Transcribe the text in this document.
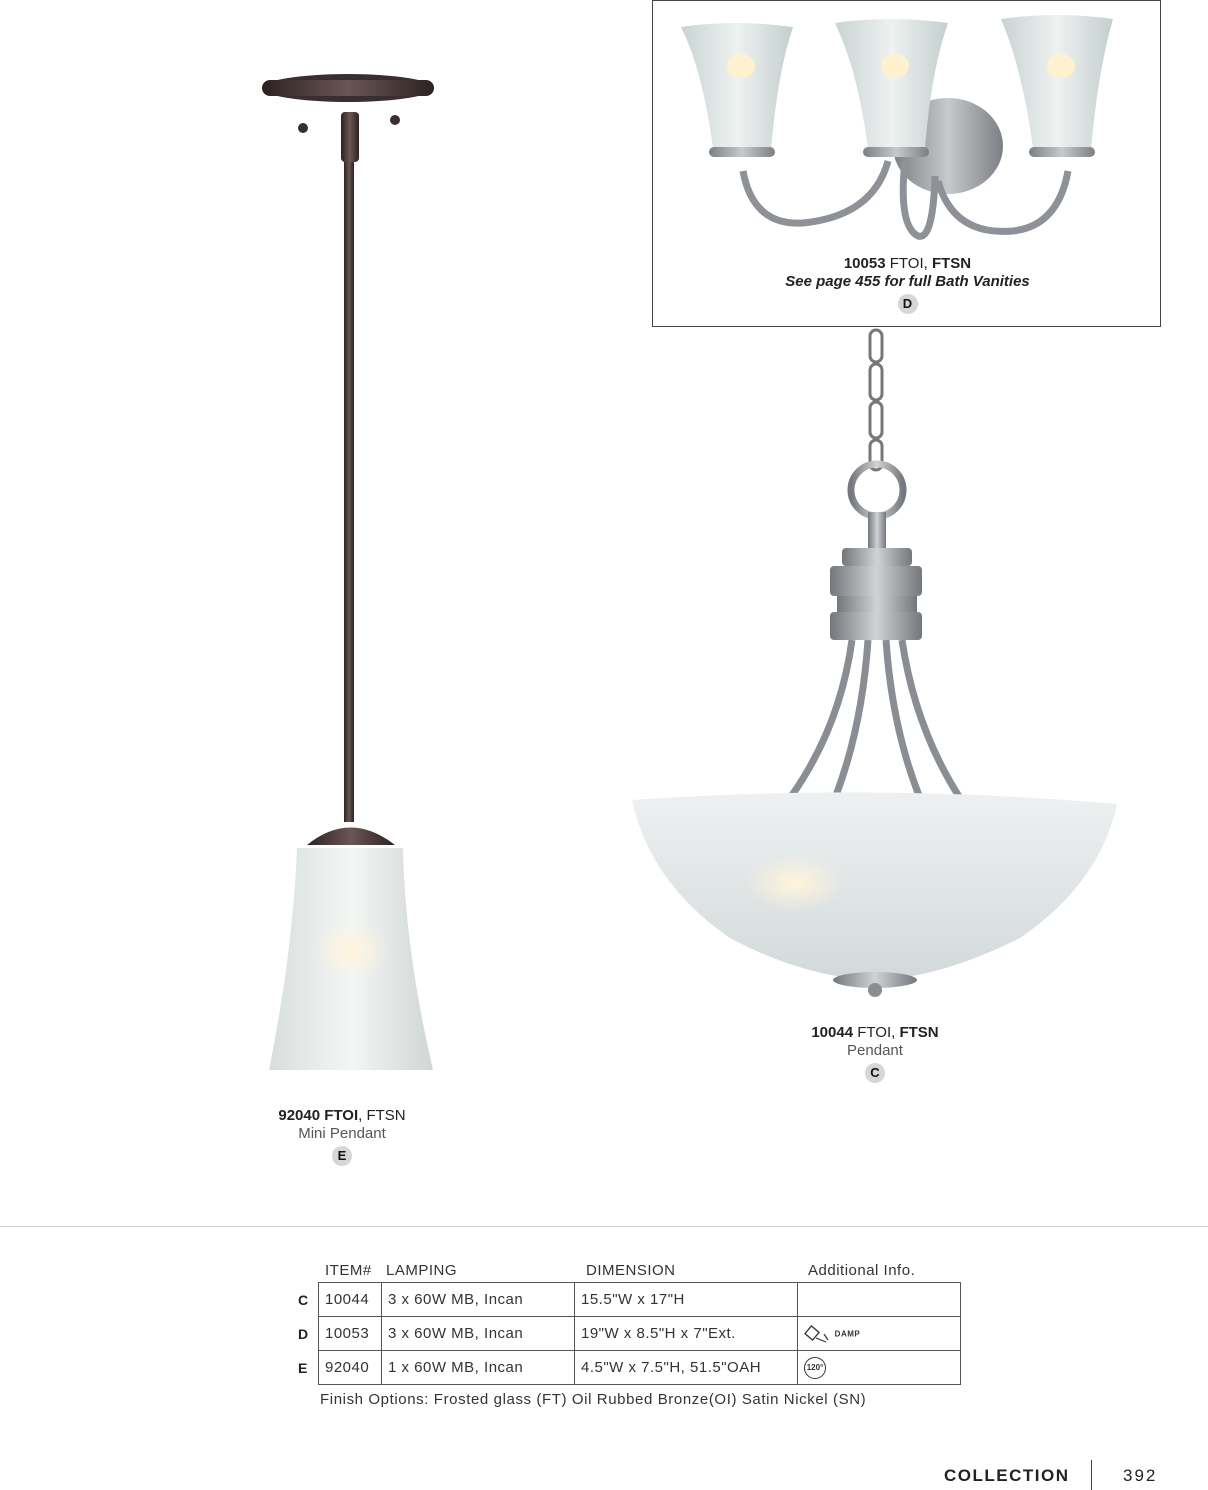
92040 FTOI, FTSN
Mini Pendant
E
10053 FTOI, FTSN
See page 455 for full Bath Vanities
D
10044 FTOI, FTSN
Pendant
C
ITEM# LAMPING	DIMENSION	Additional Info.
C	10044	3 x 60W MB, Incan	15.5"W x 17"H	

D	10053	3 x 60W MB, Incan	19"W x 8.5"H x 7"Ext.	DAMP

E	92040	1 x 60W MB, Incan	4.5"W x 7.5"H, 51.5"OAH	120°
Finish Options: Frosted glass (FT) Oil Rubbed Bronze(OI) Satin Nickel (SN)
COLLECTION	392
